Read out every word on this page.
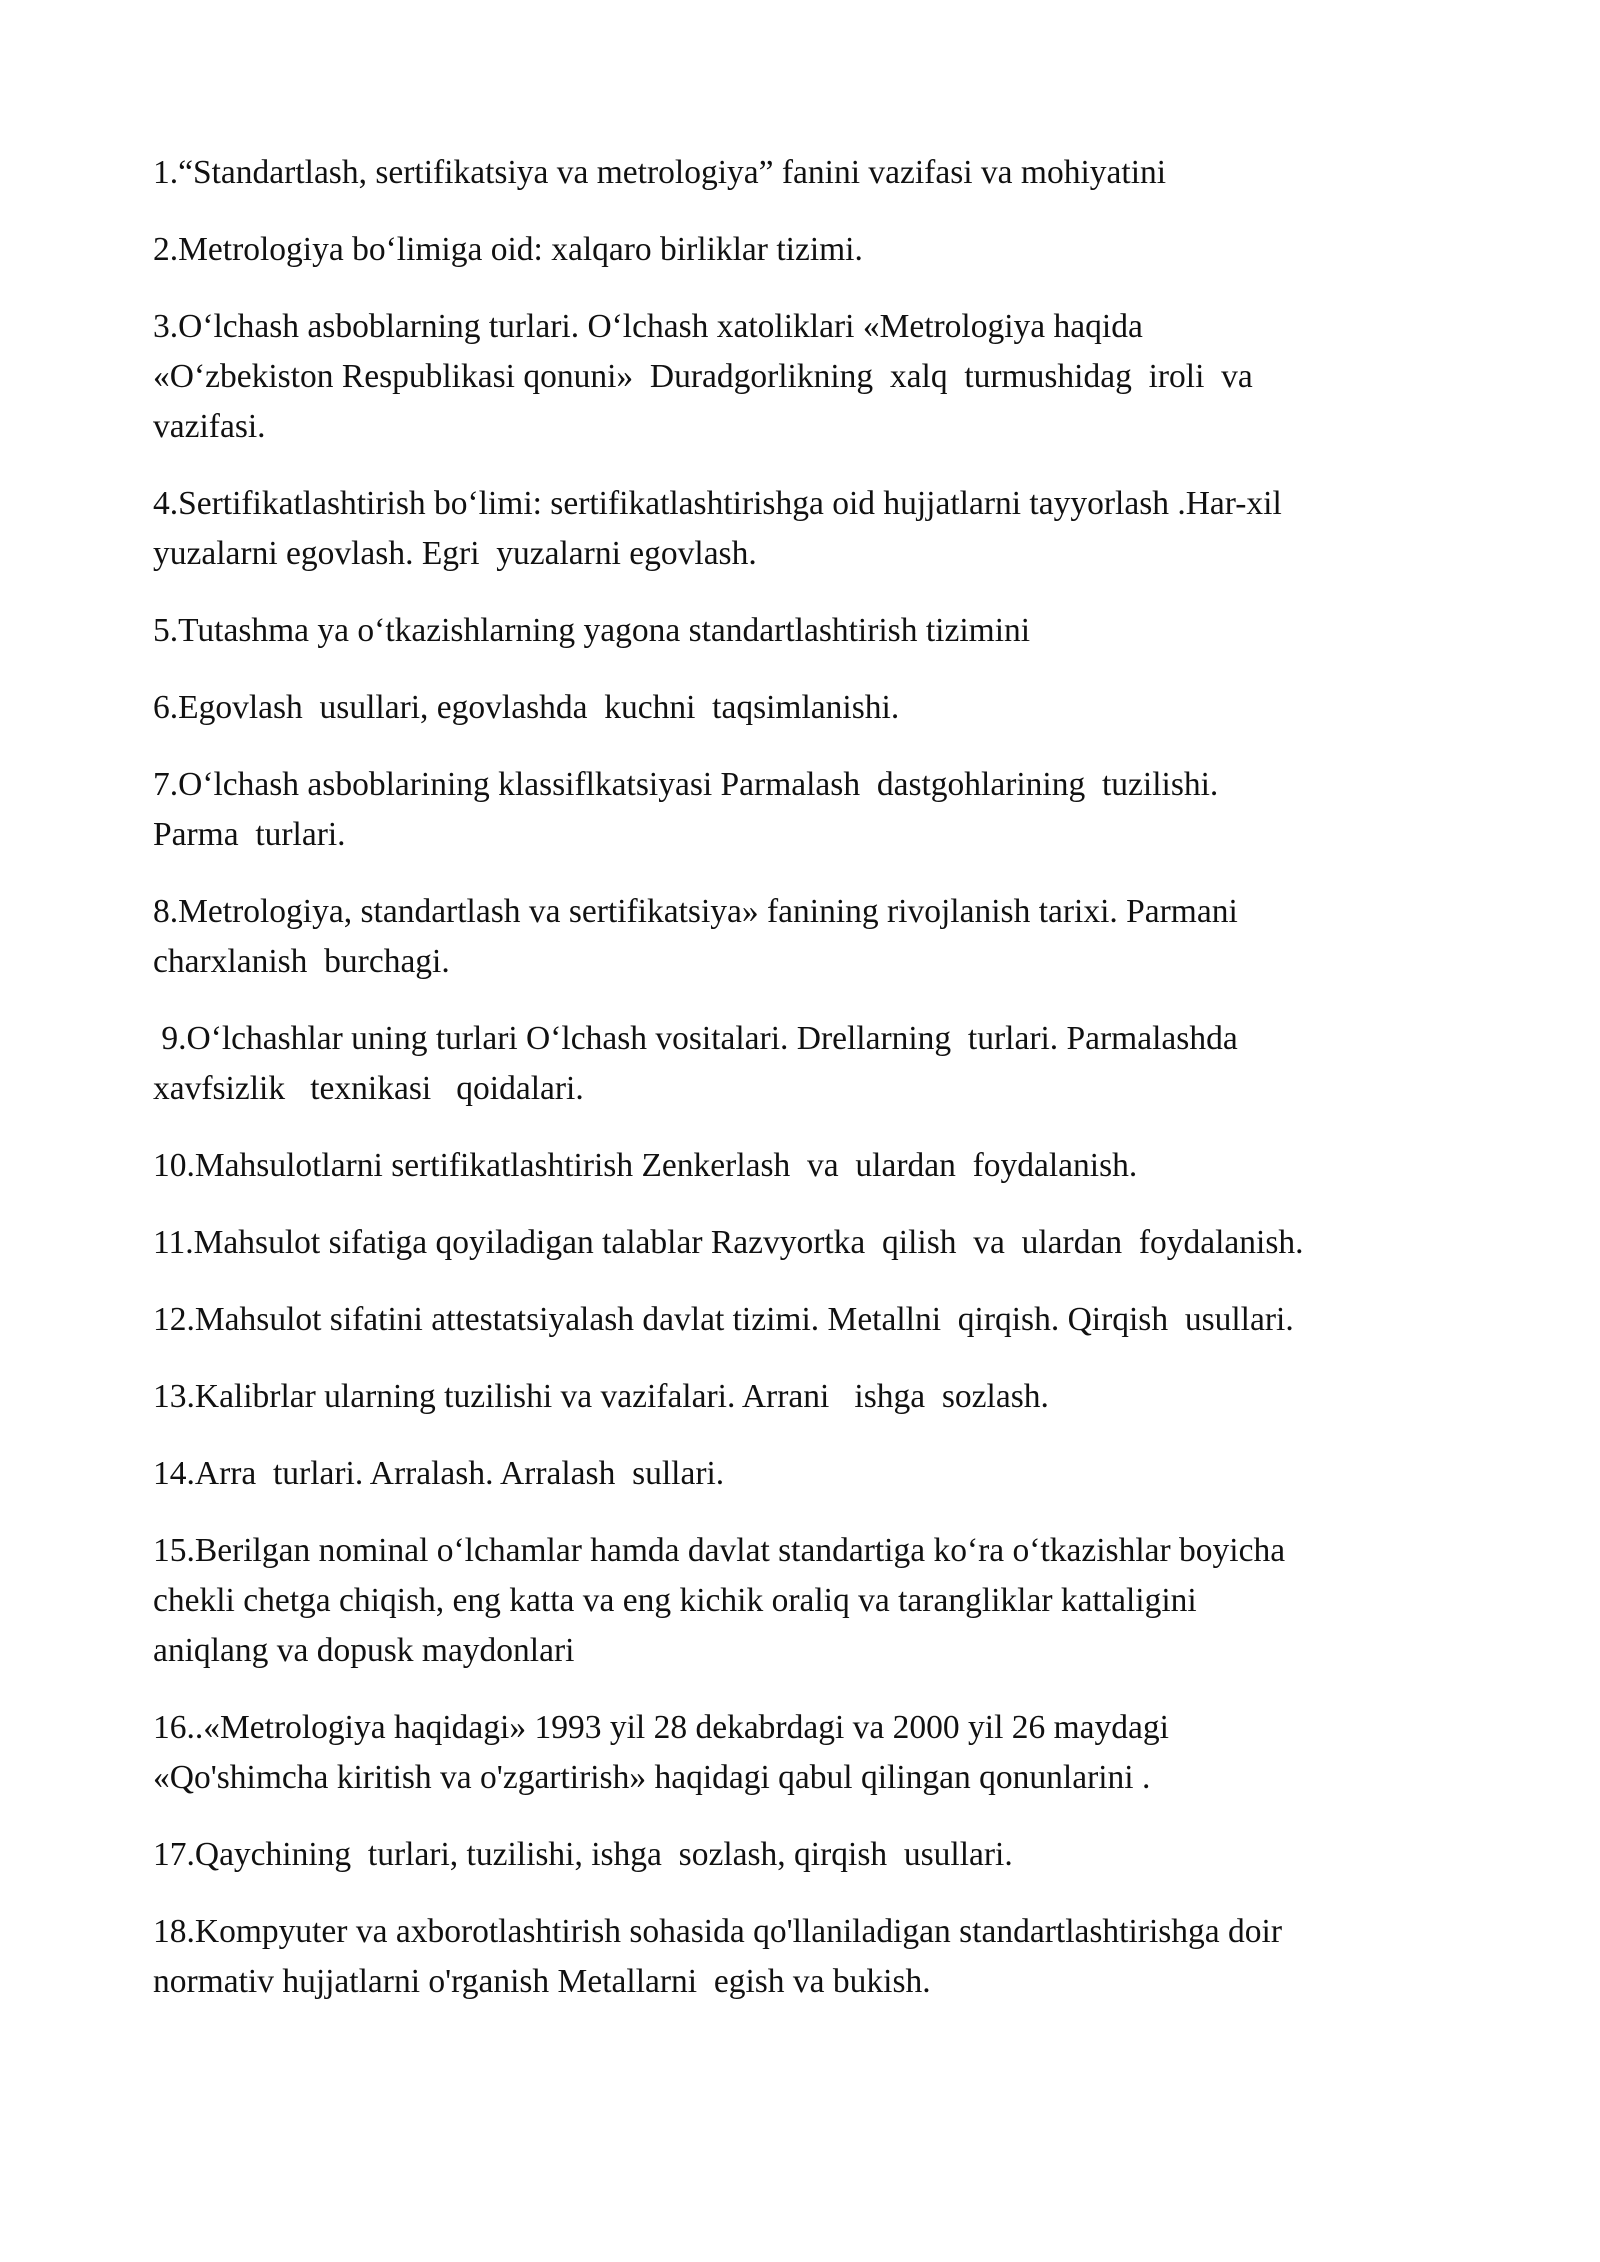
1.“Standartlash, sertifikatsiya va metrologiya” fanini vazifasi va mohiyatini
2.Metrologiya boʻlimiga oid: xalqaro birliklar tizimi.
3.Oʻlchash asboblarning turlari. Oʻlchash xatoliklari «Metrologiya haqida
«Oʻzbekiston Respublikasi qonuni»  Duradgorlikning  xalq  turmushidag  iroli  va
vazifasi.
4.Sertifikatlashtirish boʻlimi: sertifikatlashtirishga oid hujjatlarni tayyorlash .Har-xil
yuzalarni egovlash. Egri  yuzalarni egovlash.
5.Tutashma ya oʻtkazishlarning yagona standartlashtirish tizimini
6.Egovlash  usullari, egovlashda  kuchni  taqsimlanishi.
7.Oʻlchash asboblarining klassiflkatsiyasi Parmalash  dastgohlarining  tuzilishi.
Parma  turlari.
8.Metrologiya, standartlash va sertifikatsiya» fanining rivojlanish tarixi. Parmani
charxlanish  burchagi.
9.Oʻlchashlar uning turlari Oʻlchash vositalari. Drellarning  turlari. Parmalashda
xavfsizlik   texnikasi   qoidalari.
10.Mahsulotlarni sertifikatlashtirish Zenkerlash  va  ulardan  foydalanish.
11.Mahsulot sifatiga qoyiladigan talablar Razvyortka  qilish  va  ulardan  foydalanish.
12.Mahsulot sifatini attestatsiyalash davlat tizimi. Metallni  qirqish. Qirqish  usullari.
13.Kalibrlar ularning tuzilishi va vazifalari. Arrani   ishga  sozlash.
14.Arra  turlari. Arralash. Arralash  sullari.
15.Berilgan nominal oʻlchamlar hamda davlat standartiga koʻra oʻtkazishlar boyicha
chekli chetga chiqish, eng katta va eng kichik oraliq va tarangliklar kattaligini
aniqlang va dopusk maydonlari
16..«Metrologiya haqidagi» 1993 yil 28 dekabrdagi va 2000 yil 26 maydagi
«Qo'shimcha kiritish va o'zgartirish» haqidagi qabul qilingan qonunlarini .
17.Qaychining  turlari, tuzilishi, ishga  sozlash, qirqish  usullari.
18.Kompyuter va axborotlashtirish sohasida qo'llaniladigan standartlashtirishga doir
normativ hujjatlarni o'rganish Metallarni  egish va bukish.
